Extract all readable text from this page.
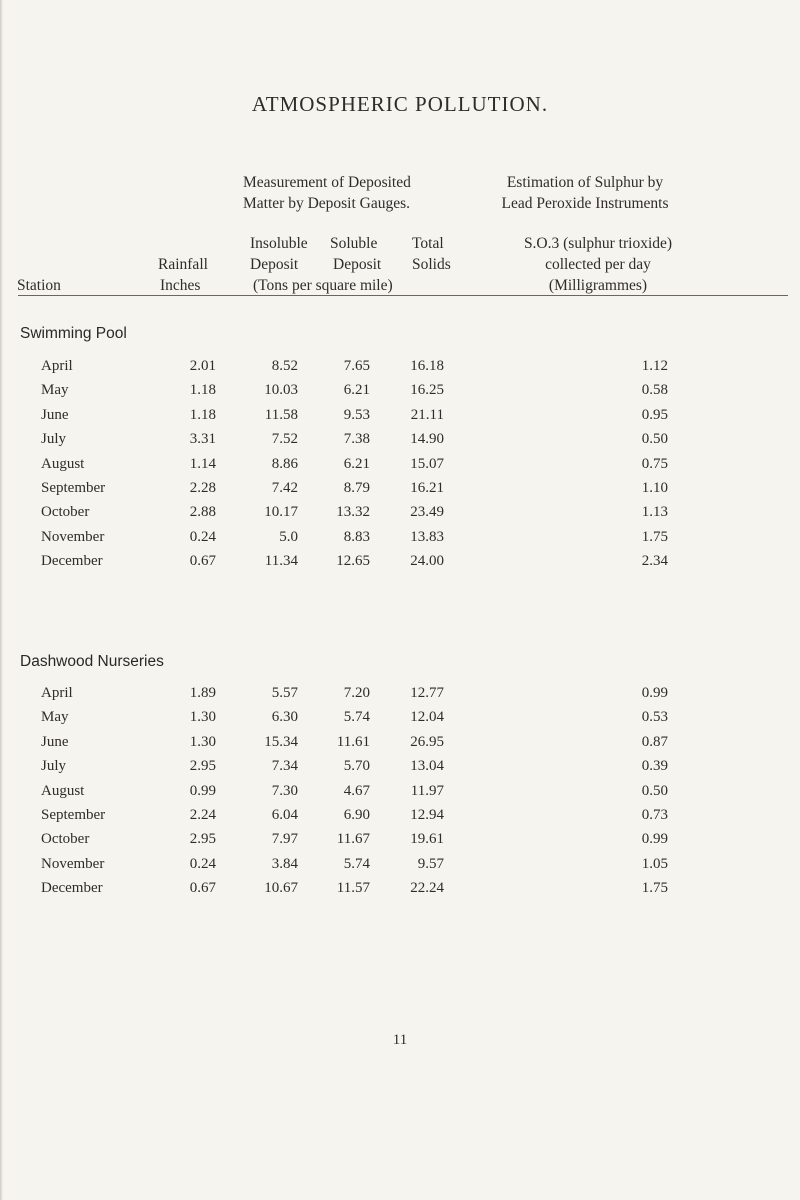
ATMOSPHERIC POLLUTION.
Measurement of Deposited
Matter by Deposit Gauges.
Estimation of Sulphur by
Lead Peroxide Instruments
Insoluble Soluble Total	S.O.3 (sulphur trioxide)
Rainfall	Deposit Deposit Solids	collected per day
Station	Inches	(Tons per square mile)	(Milligrammes)
Swimming Pool
April	2.01	8.52	7.65	16.18	1.12
May	1.18	10.03	6.21	16.25	0.58
June	1.18	11.58	9.53	21.11	0.95
July	3.31	7.52	7.38	14.90	0.50
August	1.14	8.86	6.21	15.07	0.75
September	2.28	7.42	8.79	16.21	1.10
October	2.88	10.17	13.32	23.49	1.13
November	0.24	5.0	8.83	13.83	1.75
December	0.67	11.34	12.65	24.00	2.34
Dashwood Nurseries
April	1.89	5.57	7.20	12.77	0.99
May	1.30	6.30	5.74	12.04	0.53
June	1.30	15.34	11.61	26.95	0.87
July	2.95	7.34	5.70	13.04	0.39
August	0.99	7.30	4.67	11.97	0.50
September	2.24	6.04	6.90	12.94	0.73
October	2.95	7.97	11.67	19.61	0.99
November	0.24	3.84	5.74	9.57	1.05
December	0.67	10.67	11.57	22.24	1.75
11
